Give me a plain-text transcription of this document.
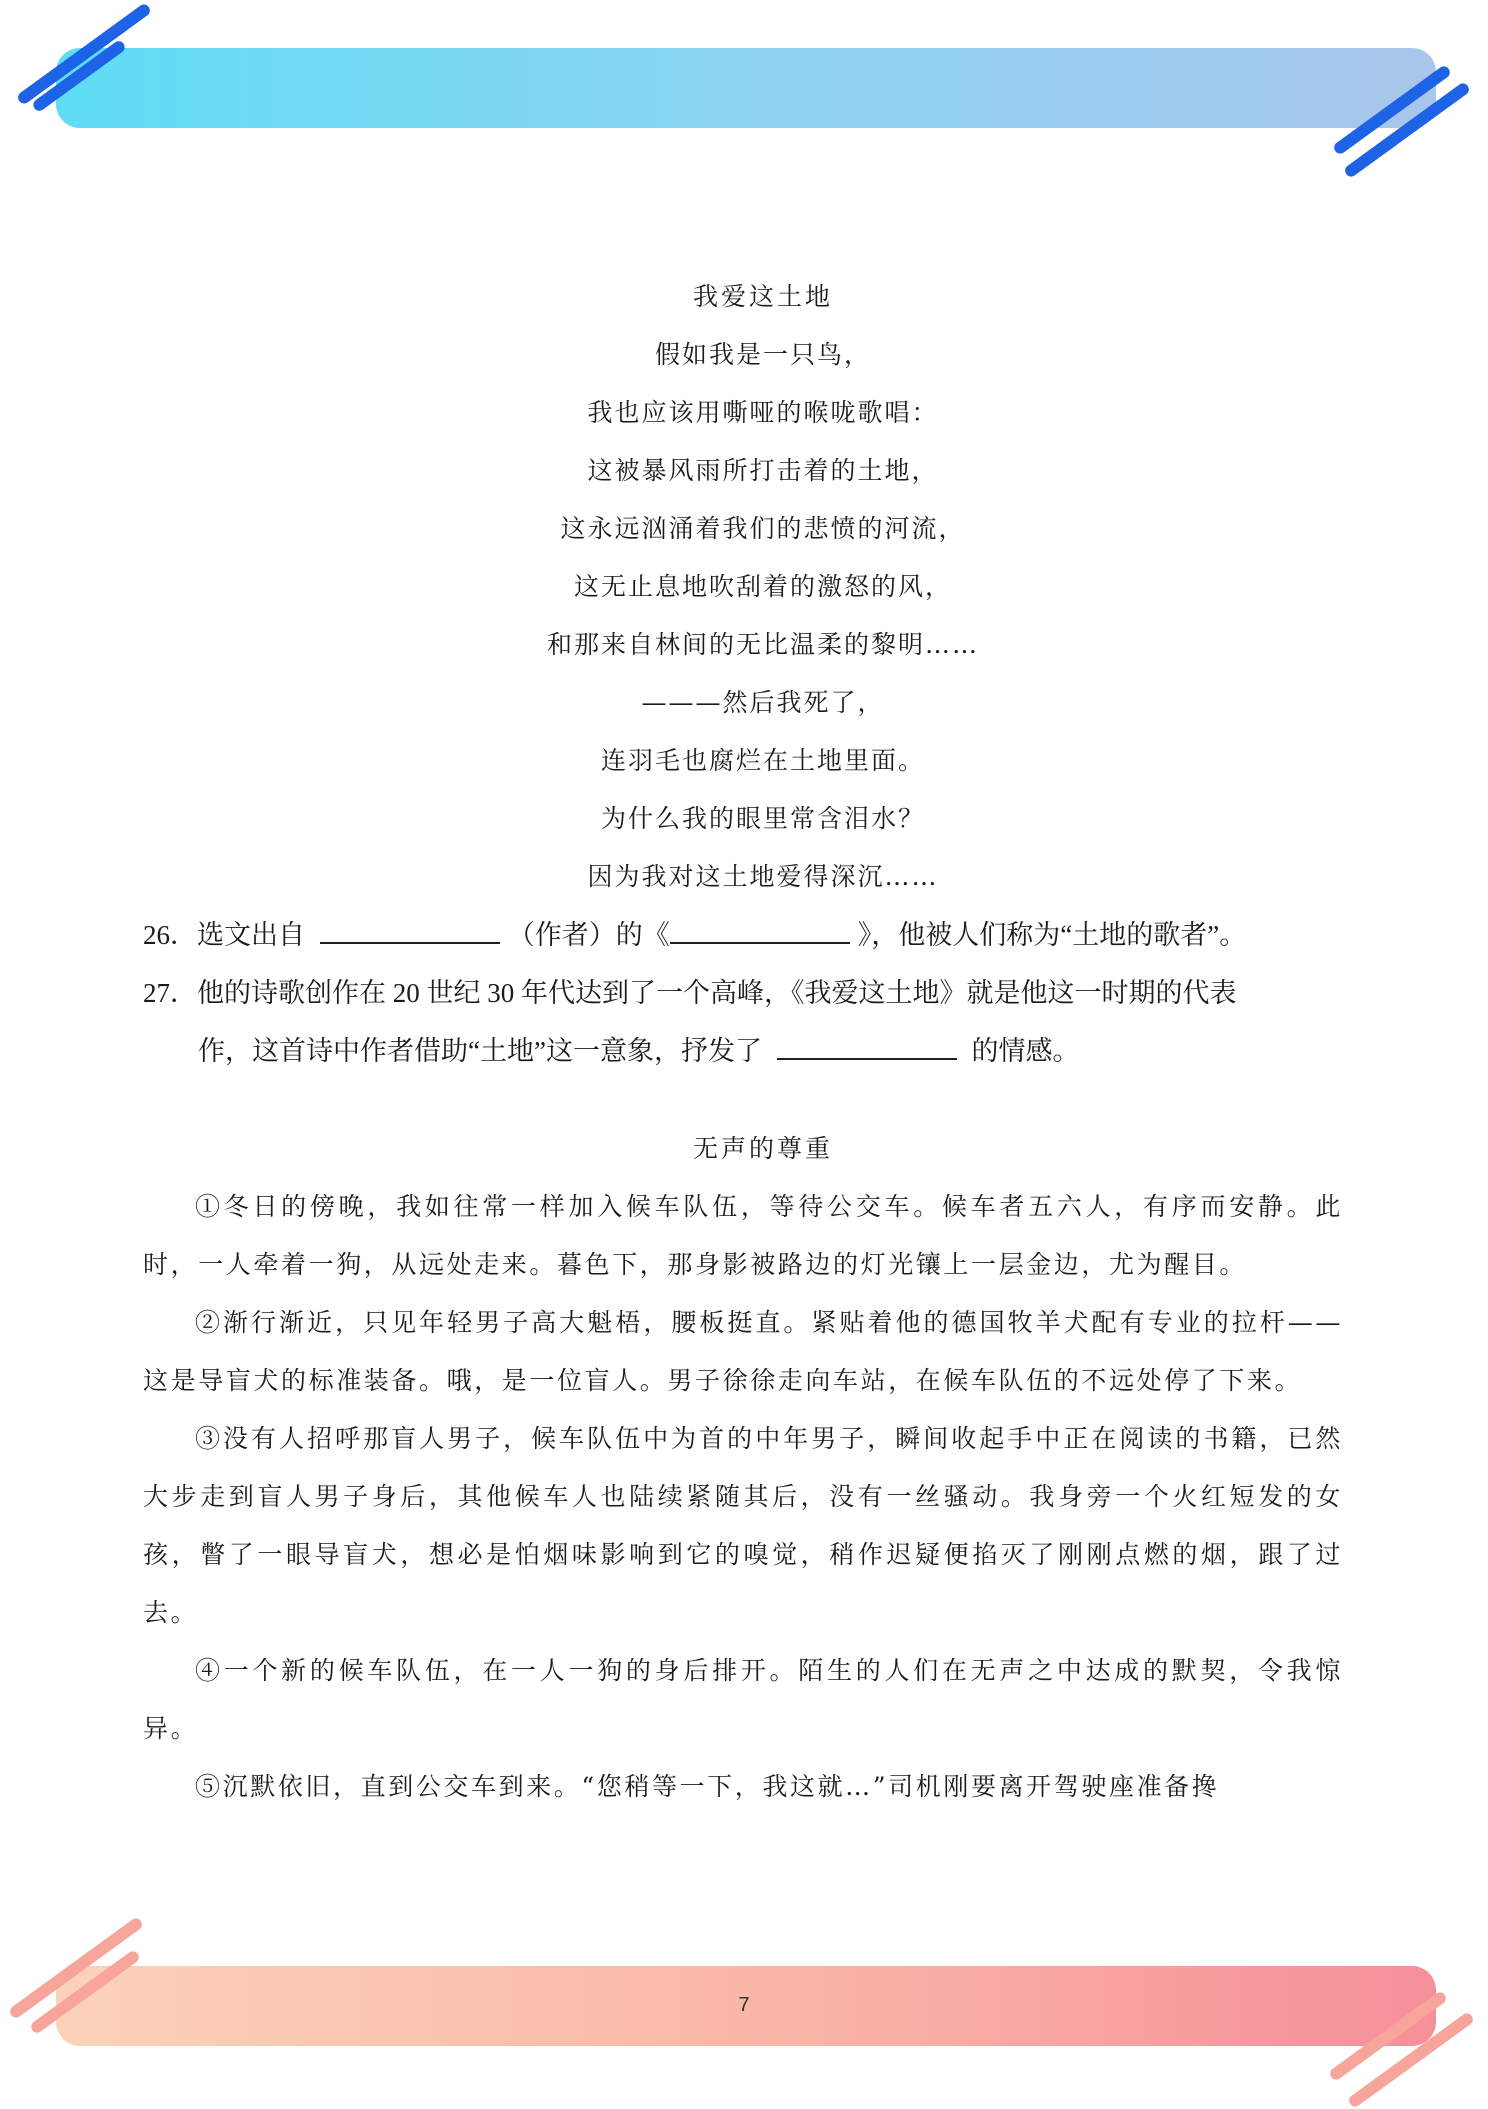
我爱这土地
假如我是一只鸟，
我也应该用嘶哑的喉咙歌唱：
这被暴风雨所打击着的土地，
这永远汹涌着我们的悲愤的河流，
这无止息地吹刮着的激怒的风，
和那来自林间的无比温柔的黎明……
———然后我死了，
连羽毛也腐烂在土地里面。
为什么我的眼里常含泪水？
因为我对这土地爱得深沉……
26．选文出自	（作者）的《	》，他被人们称为“土地的歌者”。
27．他的诗歌创作在 20 世纪 30 年代达到了一个高峰，《我爱这土地》就是他这一时期的代表
作，这首诗中作者借助“土地”这一意象，抒发了	的情感。
无声的尊重

①冬日的傍晚，我如往常一样加入候车队伍，等待公交车。候车者五六人，有序而安静。此时，一人牵着一狗，从远处走来。暮色下，那身影被路边的灯光镶上一层金边，尤为醒目。

②渐行渐近，只见年轻男子高大魁梧，腰板挺直。紧贴着他的德国牧羊犬配有专业的拉杆——这是导盲犬的标准装备。哦，是一位盲人。男子徐徐走向车站，在候车队伍的不远处停了下来。

③没有人招呼那盲人男子，候车队伍中为首的中年男子，瞬间收起手中正在阅读的书籍，已然大步走到盲人男子身后，其他候车人也陆续紧随其后，没有一丝骚动。我身旁一个火红短发的女孩，瞥了一眼导盲犬，想必是怕烟味影响到它的嗅觉，稍作迟疑便掐灭了刚刚点燃的烟，跟了过去。

④一个新的候车队伍，在一人一狗的身后排开。陌生的人们在无声之中达成的默契，令我惊异。

⑤沉默依旧，直到公交车到来。“您稍等一下，我这就…”司机刚要离开驾驶座准备搀

7
